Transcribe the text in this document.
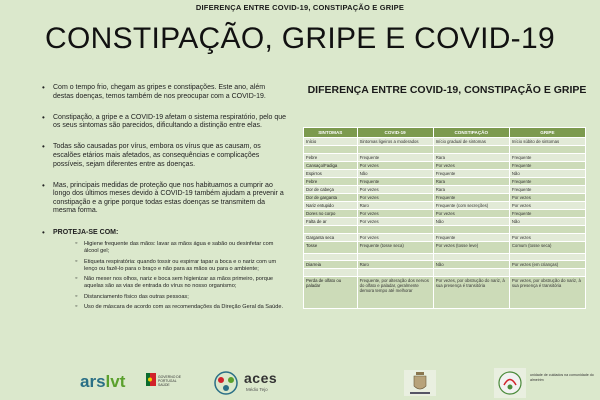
DIFERENÇA ENTRE COVID-19, CONSTIPAÇÃO E GRIPE
CONSTIPAÇÃO, GRIPE E COVID-19
• Com o tempo frio, chegam as gripes e constipações. Este ano, além destas doenças, temos também de nos preocupar com a COVID-19.
• Constipação, a gripe e a COVID-19 afetam o sistema respiratório, pelo que os seus sintomas são parecidos, dificultando a distinção entre elas.
• Todas são causadas por vírus, embora os vírus que as causam, os escalões etários mais afetados, as consequências e complicações possíveis, sejam diferentes entre as doenças.
• Mas, principais medidas de proteção que nos habituamos a cumprir ao longo dos últimos meses devido à COVID-19 também ajudam a prevenir a constipação e a gripe porque todas estas doenças se transmitem da mesma forma.
• PROTEJA-SE COM:
◦ Higiene frequente das mãos: lavar as mãos água e sabão ou desinfetar com álcool gel;
◦ Etiqueta respiratória: quando tossir ou espirrar tapar a boca e o nariz com um lenço ou fazê-lo para o braço e não para as mãos ou para o ambiente;
◦ Não mexer nos olhos, nariz e boca sem higienizar as mãos primeiro, porque aquelas são as vias de entrada do vírus no nosso organismo;
◦ Distanciamento físico das outras pessoas;
◦ Uso de máscara de acordo com as recomendações da Direção Geral da Saúde.
DIFERENÇA ENTRE COVID-19, CONSTIPAÇÃO E GRIPE
SINTOMAS	COVID-19	CONSTIPAÇÃO	GRIPE
Início	Sintomas ligeiros a moderados	Início gradual de sintomas	Início súbito de sintomas

Febre	Frequente	Rara	Frequente
Cansaço/Fadiga	Por vezes	Por vezes	Frequente
Espirros	Não	Frequente	Não
Febre	Frequente	Rara	Frequente
Dor de cabeça	Por vezes	Rara	Frequente
Dor de garganta	Por vezes	Frequente	Por vezes
Nariz entupido	Raro	Frequente (com secreções)	Por vezes
Dores no corpo	Por vezes	Por vezes	Frequente
Falta de ar	Por vezes	Não	Não

Garganta seca	Por vezes	Frequente	Por vezes
Tosse	Frequente (tosse seca)	Por vezes (tosse leve)	Comum (tosse seca)

Diarreia	Raro	Não	Por vezes (em crianças)

Perda de olfato ou paladar	Frequente, por alteração dos nervos do olfato e paladar, geralmente demora tempo até melhorar	Por vezes, por obstrução do nariz, à sua presença é transitória	Por vezes, por obstrução do nariz, à sua presença é transitória
arslvt	GOVERNO DE PORTUGAL
SAÚDE	aces
Médio Tejo
unidade de cuidados na comunidade do almeirim
